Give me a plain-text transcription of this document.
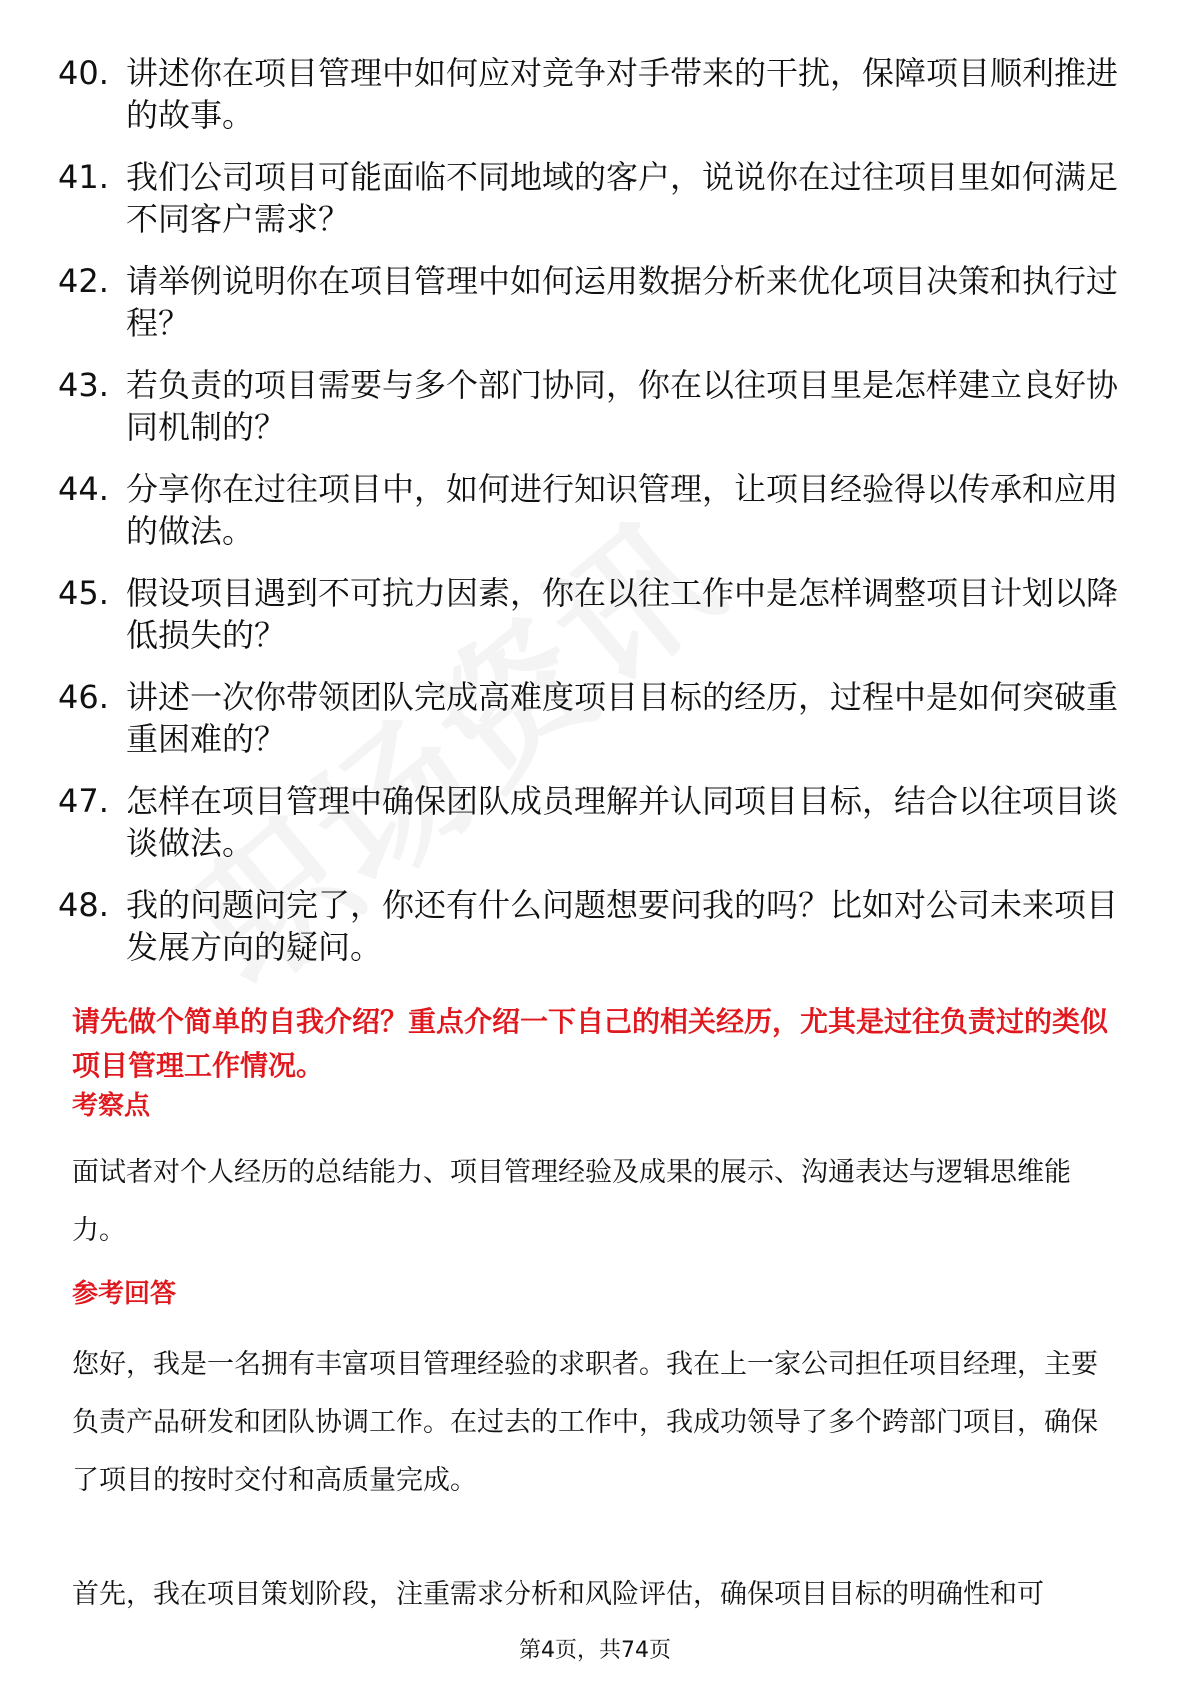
40. 讲述你在项目管理中如何应对竞争对手带来的干扰，保障项目顺利推进的故事。
41. 我们公司项目可能面临不同地域的客户，说说你在过往项目里如何满足不同客户需求？
42. 请举例说明你在项目管理中如何运用数据分析来优化项目决策和执行过程？
43. 若负责的项目需要与多个部门协同，你在以往项目里是怎样建立良好协同机制的？
44. 分享你在过往项目中，如何进行知识管理，让项目经验得以传承和应用的做法。
45. 假设项目遇到不可抗力因素，你在以往工作中是怎样调整项目计划以降低损失的？
46. 讲述一次你带领团队完成高难度项目目标的经历，过程中是如何突破重重困难的？
47. 怎样在项目管理中确保团队成员理解并认同项目目标，结合以往项目谈谈做法。
48. 我的问题问完了，你还有什么问题想要问我的吗？比如对公司未来项目发展方向的疑问。

请先做个简单的自我介绍？重点介绍一下自己的相关经历，尤其是过往负责过的类似项目管理工作情况。

考察点

面试者对个人经历的总结能力、项目管理经验及成果的展示、沟通表达与逻辑思维能力。

参考回答

您好，我是一名拥有丰富项目管理经验的求职者。我在上一家公司担任项目经理，主要负责产品研发和团队协调工作。在过去的工作中，我成功领导了多个跨部门项目，确保了项目的按时交付和高质量完成。

首先，我在项目策划阶段，注重需求分析和风险评估，确保项目目标的明确性和可

第4页，共74页
